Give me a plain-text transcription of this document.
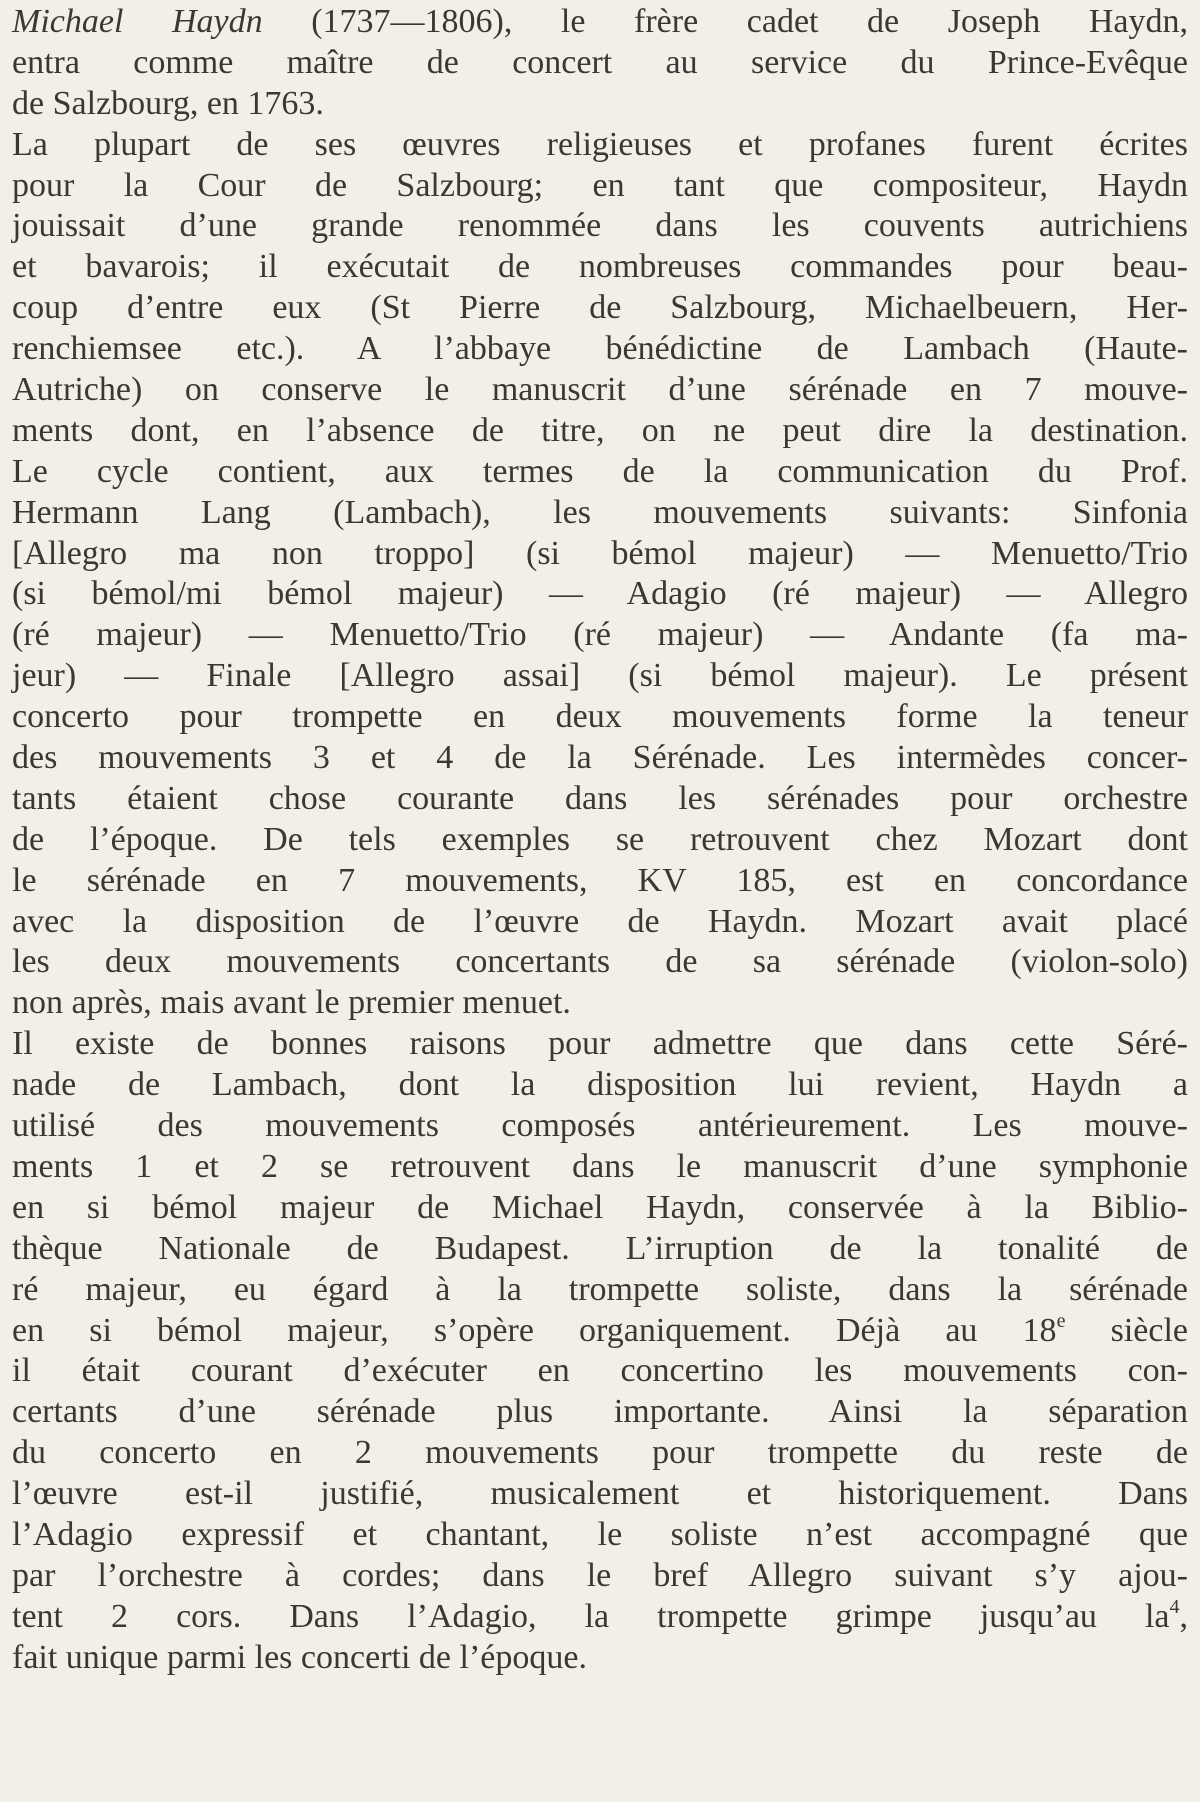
Michael Haydn (1737—1806), le frère cadet de Joseph Haydn,
entra comme maître de concert au service du Prince-Evêque
de Salzbourg, en 1763.
La plupart de ses œuvres religieuses et profanes furent écrites
pour la Cour de Salzbourg; en tant que compositeur, Haydn
jouissait d’une grande renommée dans les couvents autrichiens
et bavarois; il exécutait de nombreuses commandes pour beau-
coup d’entre eux (St Pierre de Salzbourg, Michaelbeuern, Her-
renchiemsee etc.). A l’abbaye bénédictine de Lambach (Haute-
Autriche) on conserve le manuscrit d’une sérénade en 7 mouve-
ments dont, en l’absence de titre, on ne peut dire la destination.
Le cycle contient, aux termes de la communication du Prof.
Hermann Lang (Lambach), les mouvements suivants: Sinfonia
[Allegro ma non troppo] (si bémol majeur) — Menuetto/Trio
(si bémol/mi bémol majeur) — Adagio (ré majeur) — Allegro
(ré majeur) — Menuetto/Trio (ré majeur) — Andante (fa ma-
jeur) — Finale [Allegro assai] (si bémol majeur). Le présent
concerto pour trompette en deux mouvements forme la teneur
des mouvements 3 et 4 de la Sérénade. Les intermèdes concer-
tants étaient chose courante dans les sérénades pour orchestre
de l’époque. De tels exemples se retrouvent chez Mozart dont
le sérénade en 7 mouvements, KV 185, est en concordance
avec la disposition de l’œuvre de Haydn. Mozart avait placé
les deux mouvements concertants de sa sérénade (violon-solo)
non après, mais avant le premier menuet.
Il existe de bonnes raisons pour admettre que dans cette Séré-
nade de Lambach, dont la disposition lui revient, Haydn a
utilisé des mouvements composés antérieurement. Les mouve-
ments 1 et 2 se retrouvent dans le manuscrit d’une symphonie
en si bémol majeur de Michael Haydn, conservée à la Biblio-
thèque Nationale de Budapest. L’irruption de la tonalité de
ré majeur, eu égard à la trompette soliste, dans la sérénade
en si bémol majeur, s’opère organiquement. Déjà au 18e siècle
il était courant d’exécuter en concertino les mouvements con-
certants d’une sérénade plus importante. Ainsi la séparation
du concerto en 2 mouvements pour trompette du reste de
l’œuvre est-il justifié, musicalement et historiquement. Dans
l’Adagio expressif et chantant, le soliste n’est accompagné que
par l’orchestre à cordes; dans le bref Allegro suivant s’y ajou-
tent 2 cors. Dans l’Adagio, la trompette grimpe jusqu’au $la^4$,
fait unique parmi les concerti de l’époque.
